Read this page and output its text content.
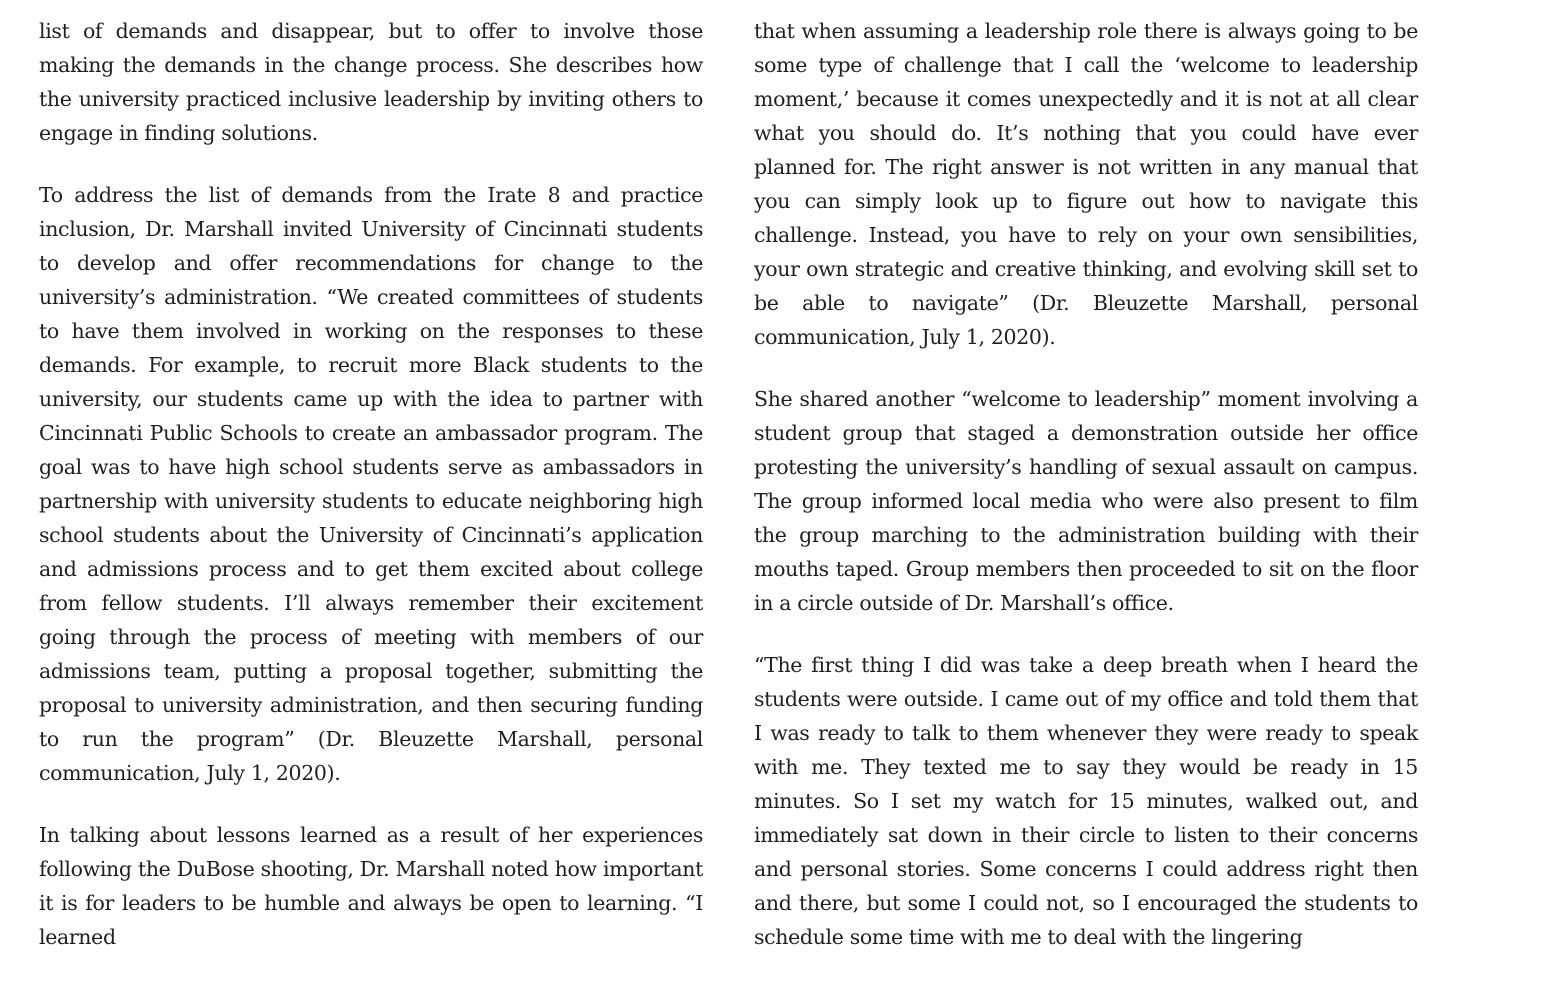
list of demands and disappear, but to offer to involve those making the demands in the change process. She describes how the university practiced inclusive leadership by inviting others to engage in finding solutions.

To address the list of demands from the Irate 8 and practice inclusion, Dr. Marshall invited University of Cincinnati students to develop and offer recommendations for change to the university’s administration. “We created committees of students to have them involved in working on the responses to these demands. For example, to recruit more Black students to the university, our students came up with the idea to partner with Cincinnati Public Schools to create an ambassador program. The goal was to have high school students serve as ambassadors in partnership with university students to educate neighboring high school students about the University of Cincinnati’s application and admissions process and to get them excited about college from fellow students. I’ll always remember their excitement going through the process of meeting with members of our admissions team, putting a proposal together, submitting the proposal to university administration, and then securing funding to run the program” (Dr. Bleuzette Marshall, personal communication, July 1, 2020).

In talking about lessons learned as a result of her experiences following the DuBose shooting, Dr. Marshall noted how important it is for leaders to be humble and always be open to learning. “I learned

that when assuming a leadership role there is always going to be some type of challenge that I call the ‘welcome to leadership moment,’ because it comes unexpectedly and it is not at all clear what you should do. It’s nothing that you could have ever planned for. The right answer is not written in any manual that you can simply look up to figure out how to navigate this challenge. Instead, you have to rely on your own sensibilities, your own strategic and creative thinking, and evolving skill set to be able to navigate” (Dr. Bleuzette Marshall, personal communication, July 1, 2020).

She shared another “welcome to leadership” moment involving a student group that staged a demonstration outside her office protesting the university’s handling of sexual assault on campus. The group informed local media who were also present to film the group marching to the administration building with their mouths taped. Group members then proceeded to sit on the floor in a circle outside of Dr. Marshall’s office.

“The first thing I did was take a deep breath when I heard the students were outside. I came out of my office and told them that I was ready to talk to them whenever they were ready to speak with me. They texted me to say they would be ready in 15 minutes. So I set my watch for 15 minutes, walked out, and immediately sat down in their circle to listen to their concerns and personal stories. Some concerns I could address right then and there, but some I could not, so I encouraged the students to schedule some time with me to deal with the lingering
